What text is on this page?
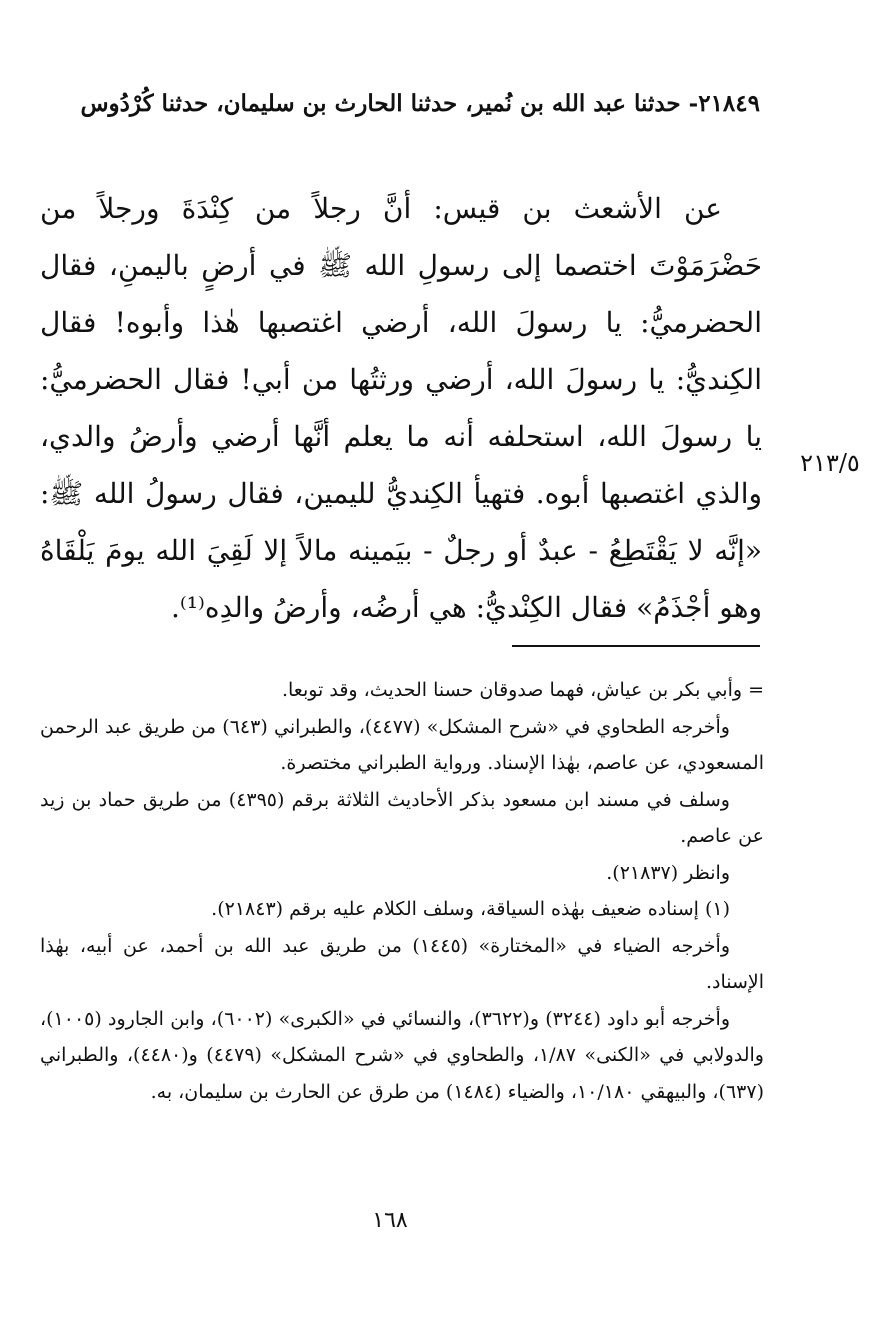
٢١٨٤٩- حدثنا عبد الله بن نُمير، حدثنا الحارث بن سليمان، حدثنا كُرْدُوس
٢١٣/٥
عن الأشعث بن قيس: أنَّ رجلاً من كِنْدَةَ ورجلاً من حَضْرَمَوْتَ اختصما إلى رسولِ الله ﷺ في أرضٍ باليمنِ، فقال الحضرميُّ: يا رسولَ الله، أرضي اغتصبها هٰذا وأبوه! فقال الكِنديُّ: يا رسولَ الله، أرضي ورثتُها من أبي! فقال الحضرميُّ: يا رسولَ الله، استحلفه أنه ما يعلم أنَّها أرضي وأرضُ والدي، والذي اغتصبها أبوه. فتهيأ الكِنديُّ لليمين، فقال رسولُ الله ﷺ: «إنَّه لا يَقْتَطِعُ - عبدٌ أو رجلٌ - بيَمينه مالاً إلا لَقِيَ الله يومَ يَلْقَاهُ وهو أجْذَمُ» فقال الكِنْديُّ: هي أرضُه، وأرضُ والدِه⁽¹⁾.

= وأبي بكر بن عياش، فهما صدوقان حسنا الحديث، وقد توبعا.

وأخرجه الطحاوي في «شرح المشكل» (٤٤٧٧)، والطبراني (٦٤٣) من طريق عبد الرحمن المسعودي، عن عاصم، بهٰذا الإسناد. ورواية الطبراني مختصرة.

وسلف في مسند ابن مسعود بذكر الأحاديث الثلاثة برقم (٤٣٩٥) من طريق حماد بن زيد عن عاصم.

وانظر (٢١٨٣٧).

(١) إسناده ضعيف بهٰذه السياقة، وسلف الكلام عليه برقم (٢١٨٤٣).

وأخرجه الضياء في «المختارة» (١٤٤٥) من طريق عبد الله بن أحمد، عن أبيه، بهٰذا الإسناد.

وأخرجه أبو داود (٣٢٤٤) و(٣٦٢٢)، والنسائي في «الكبرى» (٦٠٠٢)، وابن الجارود (١٠٠٥)، والدولابي في «الكنى» ١/٨٧، والطحاوي في «شرح المشكل» (٤٤٧٩) و(٤٤٨٠)، والطبراني (٦٣٧)، والبيهقي ١٠/١٨٠، والضياء (١٤٨٤) من طرق عن الحارث بن سليمان، به.

١٦٨
